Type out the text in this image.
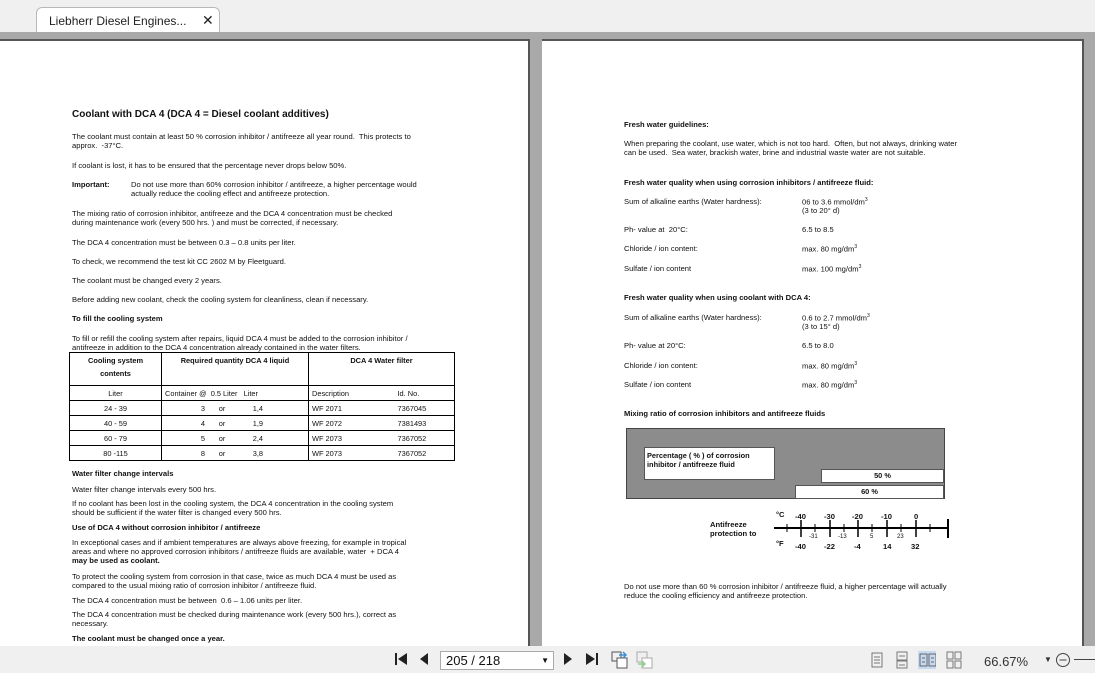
Liebherr Diesel Engines... ✕
Coolant with DCA 4 (DCA 4 = Diesel coolant additives)
The coolant must contain at least 50 % corrosion inhibitor / antifreeze all year round.  This protects to
approx.  -37°C.
If coolant is lost, it has to be ensured that the percentage never drops below 50%.
Important:	Do not use more than 60% corrosion inhibitor / antifreeze, a higher percentage would
actually reduce the cooling effect and antifreeze protection.
The mixing ratio of corrosion inhibitor, antifreeze and the DCA 4 concentration must be checked
during maintenance work (every 500 hrs. ) and must be corrected, if necessary.
The DCA 4 concentration must be between 0.3 – 0.8 units per liter.
To check, we recommend the test kit CC 2602 M by Fleetguard.
The coolant must be changed every 2 years.
Before adding new coolant, check the cooling system for cleanliness, clean if necessary.
To fill the cooling system
To fill or refill the cooling system after repairs, liquid DCA 4 must be added to the corrosion inhibitor /
antifreeze in addition to the DCA 4 concentration already contained in the water filters.
Cooling system	Required quantity DCA 4 liquid	DCA 4 Water filter	
contents			
Liter	Container @  0.5 Liter   Liter	Description	Id. No.
24 - 39	3 or 1,4	WF 2071	7367045
40 - 59	4 or 1,9	WF 2072	7381493
60 - 79	5 or 2,4	WF 2073	7367052
80 -115	8 or 3,8	WF 2073	7367052
Water filter change intervals
Water filter change intervals every 500 hrs.
If no coolant has been lost in the cooling system, the DCA 4 concentration in the cooling system
should be sufficient if the water filter is changed every 500 hrs.
Use of DCA 4 without corrosion inhibitor / antifreeze
In exceptional cases and if ambient temperatures are always above freezing, for example in tropical
areas and where no approved corrosion inhibitors / antifreeze fluids are available, water  + DCA 4
may be used as coolant.
To protect the cooling system from corrosion in that case, twice as much DCA 4 must be used as
compared to the usual mixing ratio of corrosion inhibitor / antifreeze fluid.
The DCA 4 concentration must be between  0.6 – 1.06 units per liter.
The DCA 4 concentration must be checked during maintenance work (every 500 hrs.), correct as
necessary.
The coolant must be changed once a year.
Fresh water guidelines:
When preparing the coolant, use water, which is not too hard.  Often, but not always, drinking water
can be used.  Sea water, brackish water, brine and industrial waste water are not suitable.
Fresh water quality when using corrosion inhibitors / antifreeze fluid:
Sum of alkaline earths (Water hardness):	06 to 3.6 mmol/$dm^3$
(3 to 20° d)
Ph- value at  20°C:	6.5 to 8.5
Chloride / ion content:	max. 80 $mg/dm^3$
Sulfate / ion content	max. 100 $mg/dm^3$
Fresh water quality when using coolant with DCA 4:
Sum of alkaline earths (Water hardness):	0.6 to 2.7 mmol/$dm^3$
(3 to 15° d)
Ph- value at 20°C:	6.5 to 8.0
Chloride / ion content:	max. 80 $mg/dm^3$
Sulfate / ion content	max. 80 $mg/dm^3$
Mixing ratio of corrosion inhibitors and antifreeze fluids
Percentage ( % ) of corrosion
inhibitor / antifreeze fluid
50 %
60 %
Antifreeze
protection to
°C
°F
-40 -30 -20 -10	0
-40 -22	-4	14	32
-31	-13	5	23
Do not use more than 60 % corrosion inhibitor / antifreeze fluid, a higher percentage will actually
reduce the cooling efficiency and antifreeze protection.
205 / 218	▼	66.67% ▼
